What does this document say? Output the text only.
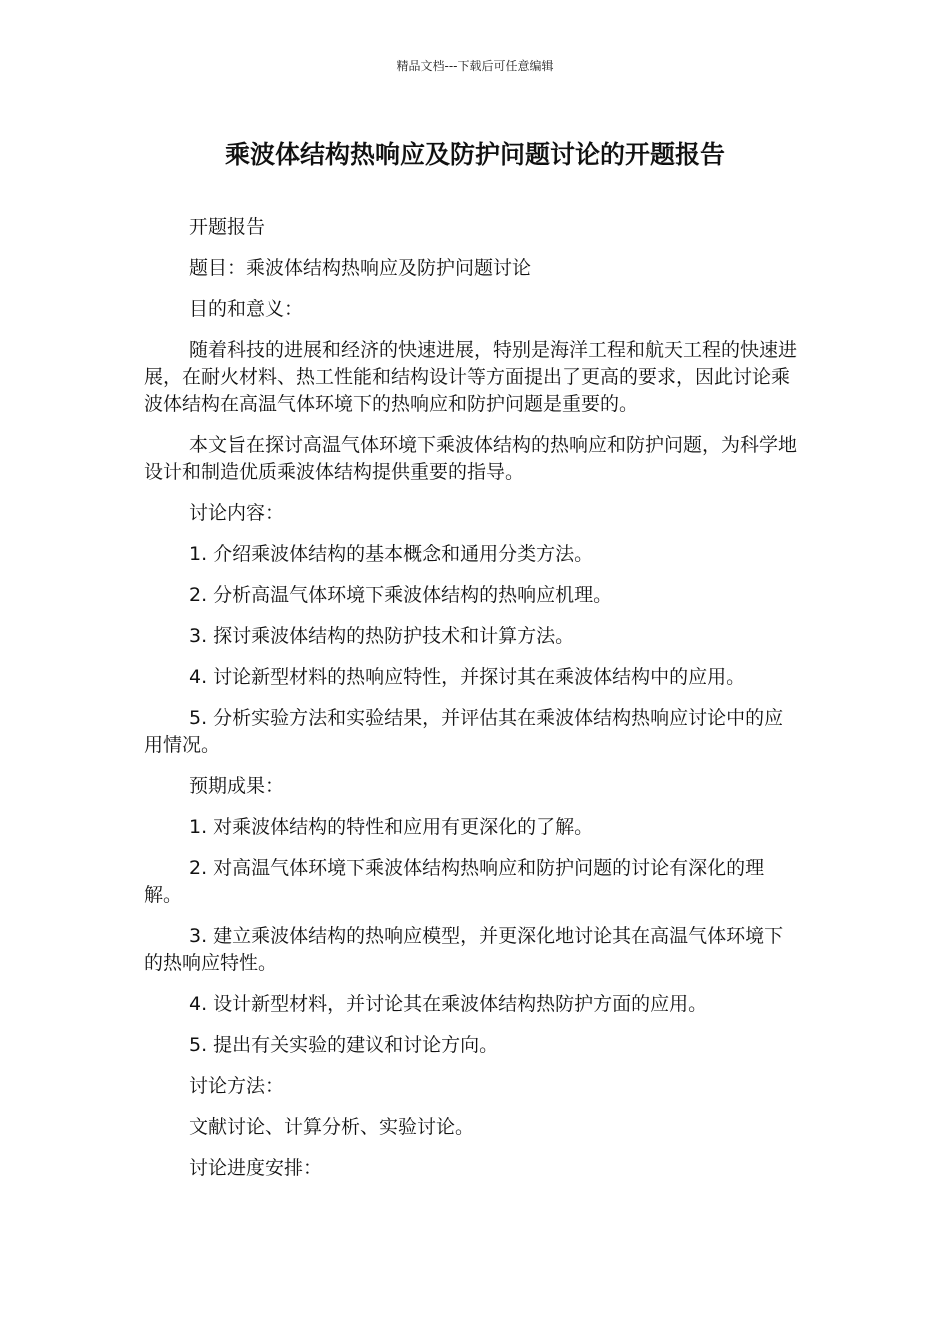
精品文档---下载后可任意编辑
乘波体结构热响应及防护问题讨论的开题报告

开题报告

题目：乘波体结构热响应及防护问题讨论

目的和意义：

随着科技的进展和经济的快速进展，特别是海洋工程和航天工程的快速进展，在耐火材料、热工性能和结构设计等方面提出了更高的要求，因此讨论乘波体结构在高温气体环境下的热响应和防护问题是重要的。

本文旨在探讨高温气体环境下乘波体结构的热响应和防护问题，为科学地设计和制造优质乘波体结构提供重要的指导。

讨论内容：

1. 介绍乘波体结构的基本概念和通用分类方法。

2. 分析高温气体环境下乘波体结构的热响应机理。

3. 探讨乘波体结构的热防护技术和计算方法。

4. 讨论新型材料的热响应特性，并探讨其在乘波体结构中的应用。

5. 分析实验方法和实验结果，并评估其在乘波体结构热响应讨论中的应用情况。

预期成果：

1. 对乘波体结构的特性和应用有更深化的了解。

2. 对高温气体环境下乘波体结构热响应和防护问题的讨论有深化的理解。

3. 建立乘波体结构的热响应模型，并更深化地讨论其在高温气体环境下的热响应特性。

4. 设计新型材料，并讨论其在乘波体结构热防护方面的应用。

5. 提出有关实验的建议和讨论方向。

讨论方法：

文献讨论、计算分析、实验讨论。

讨论进度安排：
